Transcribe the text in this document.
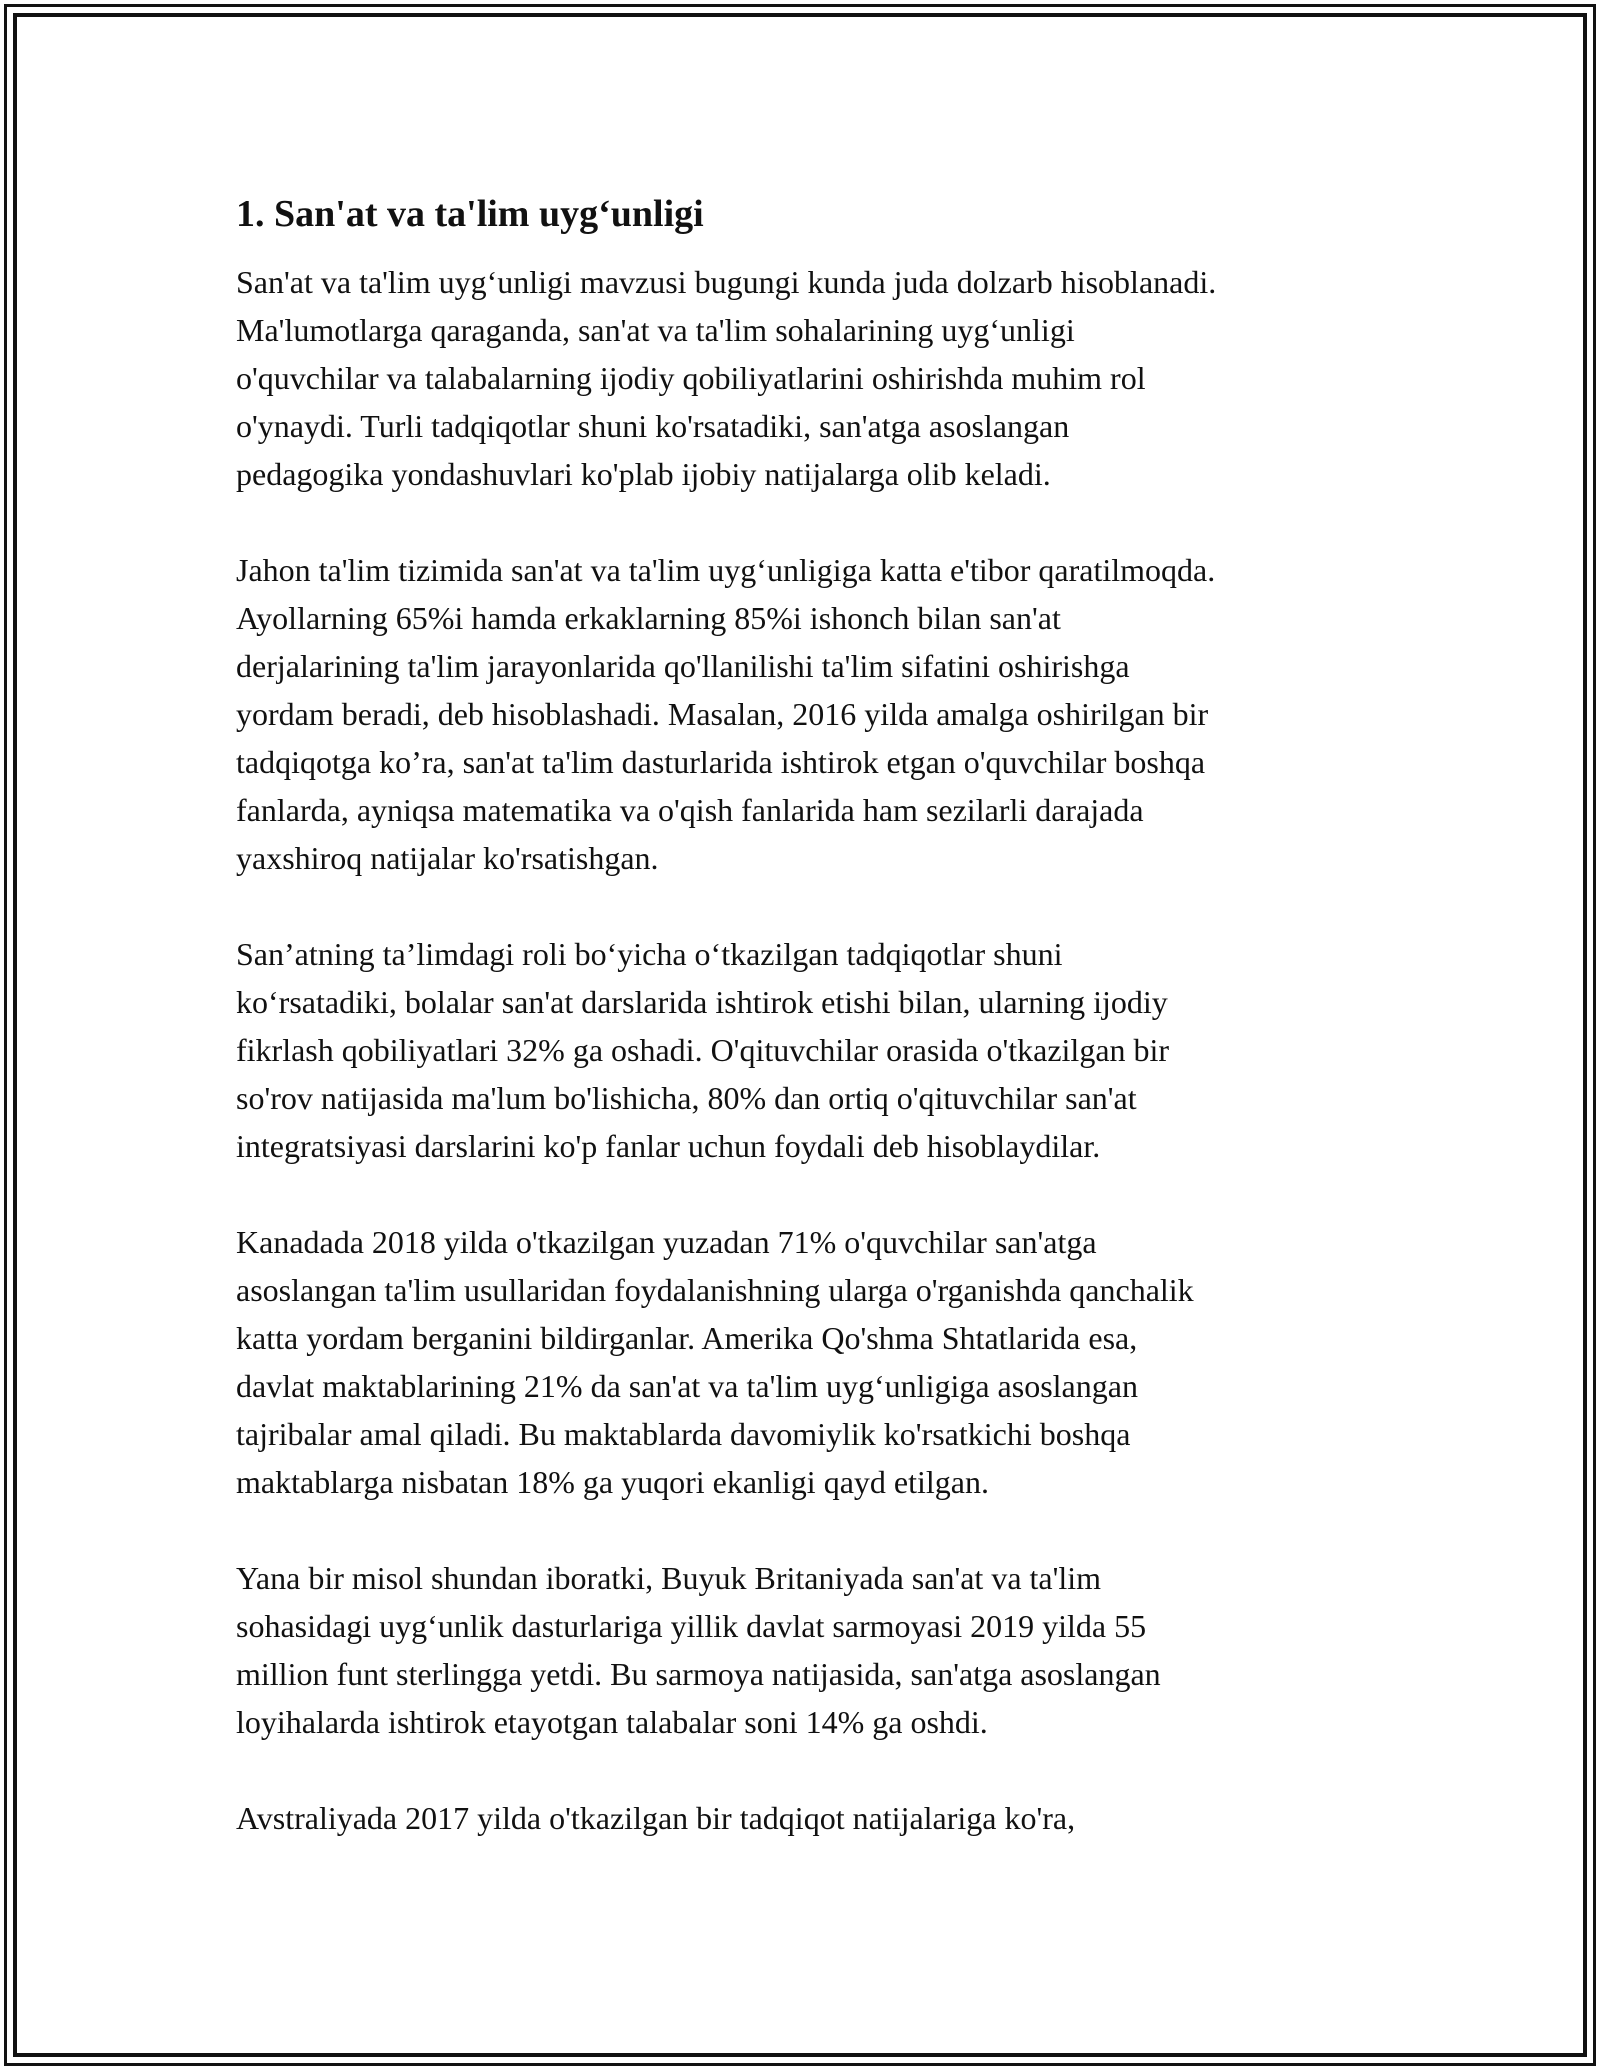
1. San'at va ta'lim uyg‘unligi

San'at va ta'lim uyg‘unligi mavzusi bugungi kunda juda dolzarb hisoblanadi.
Ma'lumotlarga qaraganda, san'at va ta'lim sohalarining uyg‘unligi
o'quvchilar va talabalarning ijodiy qobiliyatlarini oshirishda muhim rol
o'ynaydi. Turli tadqiqotlar shuni ko'rsatadiki, san'atga asoslangan
pedagogika yondashuvlari ko'plab ijobiy natijalarga olib keladi.

Jahon ta'lim tizimida san'at va ta'lim uyg‘unligiga katta e'tibor qaratilmoqda.
Ayollarning 65%i hamda erkaklarning 85%i ishonch bilan san'at
derjalarining ta'lim jarayonlarida qo'llanilishi ta'lim sifatini oshirishga
yordam beradi, deb hisoblashadi. Masalan, 2016 yilda amalga oshirilgan bir
tadqiqotga ko’ra, san'at ta'lim dasturlarida ishtirok etgan o'quvchilar boshqa
fanlarda, ayniqsa matematika va o'qish fanlarida ham sezilarli darajada
yaxshiroq natijalar ko'rsatishgan.

San’atning ta’limdagi roli bo‘yicha o‘tkazilgan tadqiqotlar shuni
ko‘rsatadiki, bolalar san'at darslarida ishtirok etishi bilan, ularning ijodiy
fikrlash qobiliyatlari 32% ga oshadi. O'qituvchilar orasida o'tkazilgan bir
so'rov natijasida ma'lum bo'lishicha, 80% dan ortiq o'qituvchilar san'at
integratsiyasi darslarini ko'p fanlar uchun foydali deb hisoblaydilar.

Kanadada 2018 yilda o'tkazilgan yuzadan 71% o'quvchilar san'atga
asoslangan ta'lim usullaridan foydalanishning ularga o'rganishda qanchalik
katta yordam berganini bildirganlar. Amerika Qo'shma Shtatlarida esa,
davlat maktablarining 21% da san'at va ta'lim uyg‘unligiga asoslangan
tajribalar amal qiladi. Bu maktablarda davomiylik ko'rsatkichi boshqa
maktablarga nisbatan 18% ga yuqori ekanligi qayd etilgan.

Yana bir misol shundan iboratki, Buyuk Britaniyada san'at va ta'lim
sohasidagi uyg‘unlik dasturlariga yillik davlat sarmoyasi 2019 yilda 55
million funt sterlingga yetdi. Bu sarmoya natijasida, san'atga asoslangan
loyihalarda ishtirok etayotgan talabalar soni 14% ga oshdi.

Avstraliyada 2017 yilda o'tkazilgan bir tadqiqot natijalariga ko'ra,
